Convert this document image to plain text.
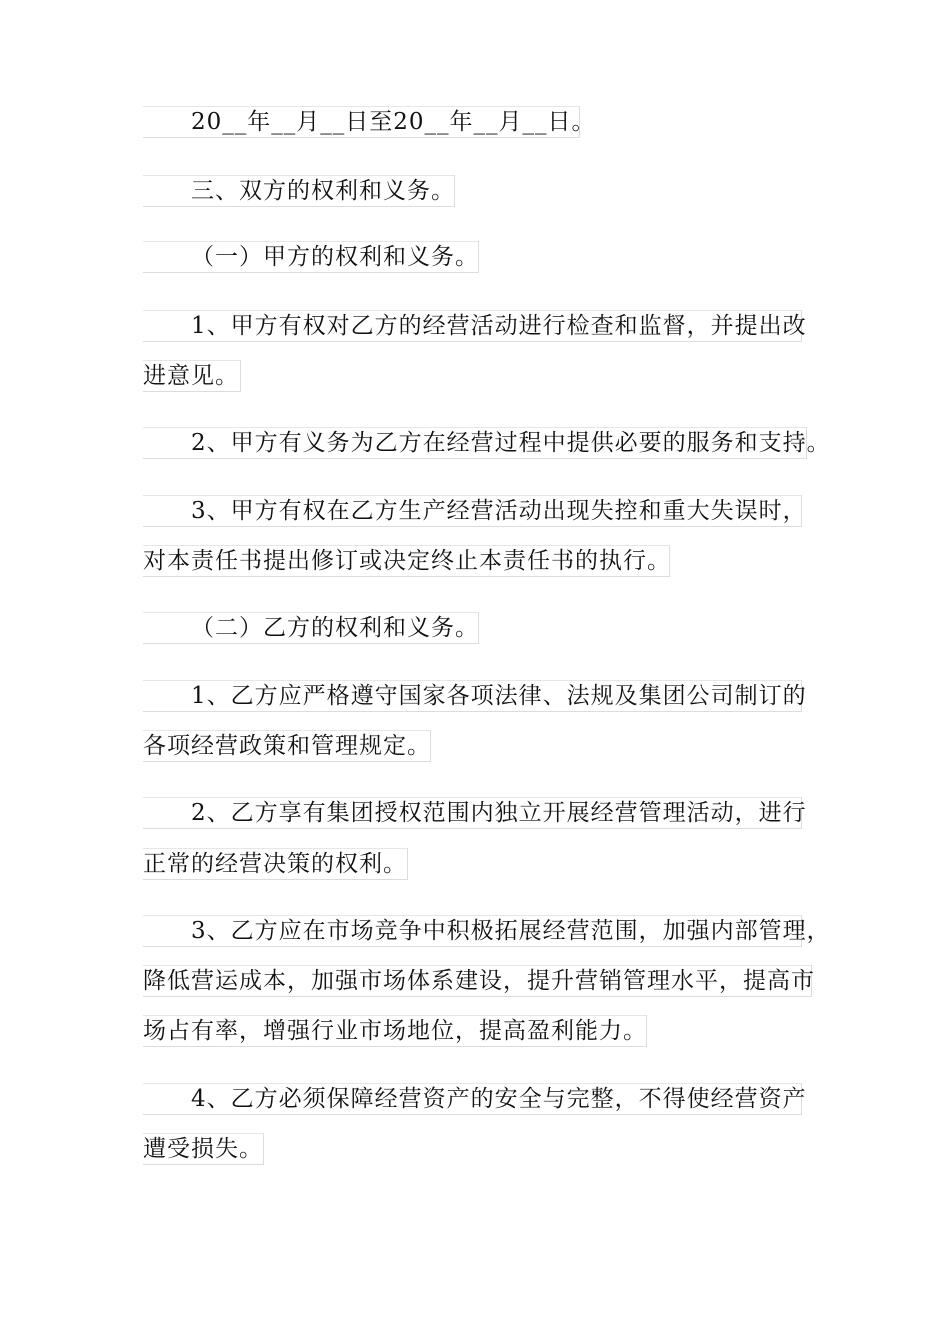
20__年__月__日至20__年__月__日。
三、双方的权利和义务。
（一）甲方的权利和义务。
1、甲方有权对乙方的经营活动进行检查和监督，并提出改
进意见。
2、甲方有义务为乙方在经营过程中提供必要的服务和支持。
3、甲方有权在乙方生产经营活动出现失控和重大失误时，
对本责任书提出修订或决定终止本责任书的执行。
（二）乙方的权利和义务。
1、乙方应严格遵守国家各项法律、法规及集团公司制订的
各项经营政策和管理规定。
2、乙方享有集团授权范围内独立开展经营管理活动，进行
正常的经营决策的权利。
3、乙方应在市场竞争中积极拓展经营范围，加强内部管理，
降低营运成本，加强市场体系建设，提升营销管理水平，提高市
场占有率，增强行业市场地位，提高盈利能力。
4、乙方必须保障经营资产的安全与完整，不得使经营资产
遭受损失。
